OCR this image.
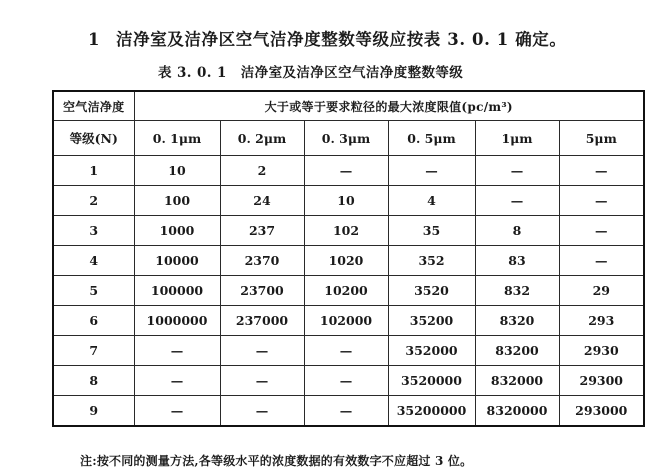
1 洁净室及洁净区空气洁净度整数等级应按表 3. 0. 1 确定。
表 3. 0. 1 洁净室及洁净区空气洁净度整数等级
空气洁净度	大于或等于要求粒径的最大浓度限值(pc/m³)					
等级(N)	0. 1μm	0. 2μm	0. 3μm	0. 5μm	1μm	5μm
1	10	2	—	—	—	—
2	100	24	10	4	—	—
3	1000	237	102	35	8	—
4	10000	2370	1020	352	83	—
5	100000	23700	10200	3520	832	29
6	1000000	237000	102000	35200	8320	293
7	—	—	—	352000	83200	2930
8	—	—	—	3520000	832000	29300
9	—	—	—	35200000	8320000	293000
注:按不同的测量方法,各等级水平的浓度数据的有效数字不应超过 3 位。
